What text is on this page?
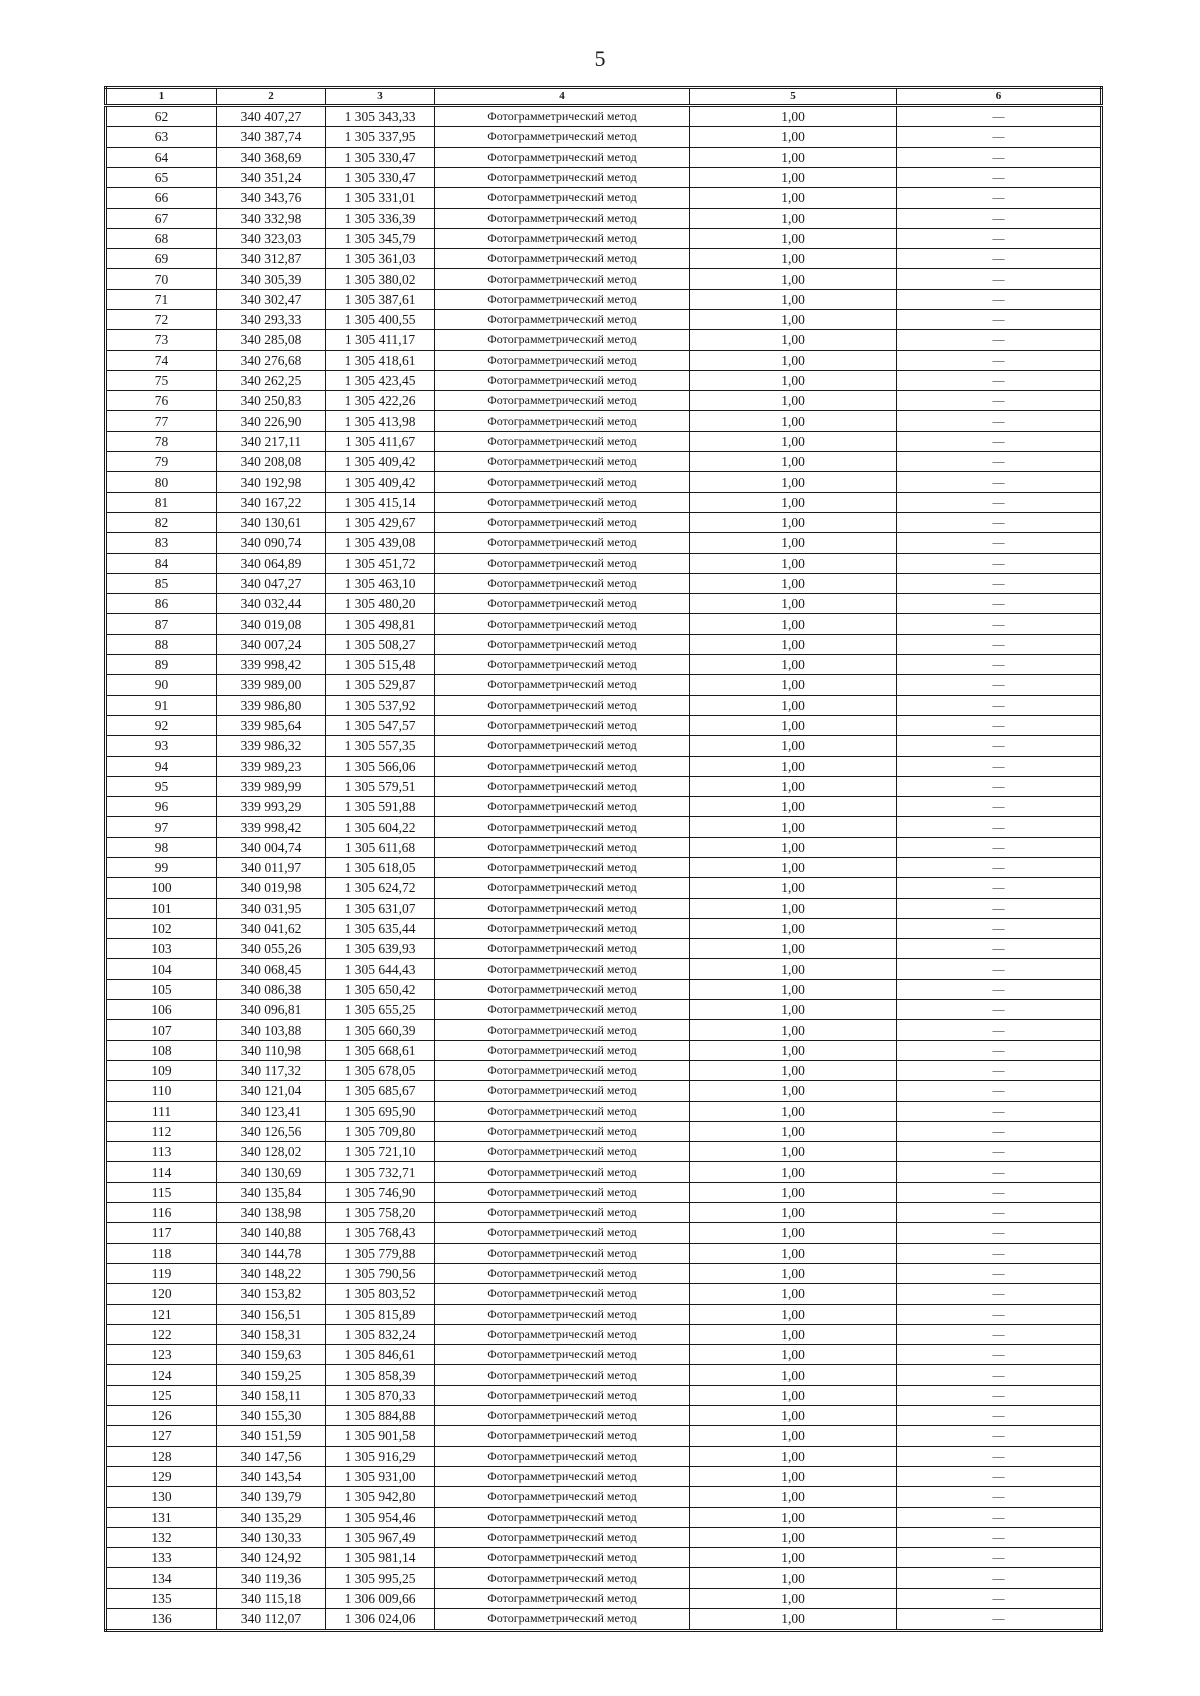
5
1	2	3	4	5	6
62	340 407,27	1 305 343,33	Фотограмметрический метод	1,00	—
63	340 387,74	1 305 337,95	Фотограмметрический метод	1,00	—
64	340 368,69	1 305 330,47	Фотограмметрический метод	1,00	—
65	340 351,24	1 305 330,47	Фотограмметрический метод	1,00	—
66	340 343,76	1 305 331,01	Фотограмметрический метод	1,00	—
67	340 332,98	1 305 336,39	Фотограмметрический метод	1,00	—
68	340 323,03	1 305 345,79	Фотограмметрический метод	1,00	—
69	340 312,87	1 305 361,03	Фотограмметрический метод	1,00	—
70	340 305,39	1 305 380,02	Фотограмметрический метод	1,00	—
71	340 302,47	1 305 387,61	Фотограмметрический метод	1,00	—
72	340 293,33	1 305 400,55	Фотограмметрический метод	1,00	—
73	340 285,08	1 305 411,17	Фотограмметрический метод	1,00	—
74	340 276,68	1 305 418,61	Фотограмметрический метод	1,00	—
75	340 262,25	1 305 423,45	Фотограмметрический метод	1,00	—
76	340 250,83	1 305 422,26	Фотограмметрический метод	1,00	—
77	340 226,90	1 305 413,98	Фотограмметрический метод	1,00	—
78	340 217,11	1 305 411,67	Фотограмметрический метод	1,00	—
79	340 208,08	1 305 409,42	Фотограмметрический метод	1,00	—
80	340 192,98	1 305 409,42	Фотограмметрический метод	1,00	—
81	340 167,22	1 305 415,14	Фотограмметрический метод	1,00	—
82	340 130,61	1 305 429,67	Фотограмметрический метод	1,00	—
83	340 090,74	1 305 439,08	Фотограмметрический метод	1,00	—
84	340 064,89	1 305 451,72	Фотограмметрический метод	1,00	—
85	340 047,27	1 305 463,10	Фотограмметрический метод	1,00	—
86	340 032,44	1 305 480,20	Фотограмметрический метод	1,00	—
87	340 019,08	1 305 498,81	Фотограмметрический метод	1,00	—
88	340 007,24	1 305 508,27	Фотограмметрический метод	1,00	—
89	339 998,42	1 305 515,48	Фотограмметрический метод	1,00	—
90	339 989,00	1 305 529,87	Фотограмметрический метод	1,00	—
91	339 986,80	1 305 537,92	Фотограмметрический метод	1,00	—
92	339 985,64	1 305 547,57	Фотограмметрический метод	1,00	—
93	339 986,32	1 305 557,35	Фотограмметрический метод	1,00	—
94	339 989,23	1 305 566,06	Фотограмметрический метод	1,00	—
95	339 989,99	1 305 579,51	Фотограмметрический метод	1,00	—
96	339 993,29	1 305 591,88	Фотограмметрический метод	1,00	—
97	339 998,42	1 305 604,22	Фотограмметрический метод	1,00	—
98	340 004,74	1 305 611,68	Фотограмметрический метод	1,00	—
99	340 011,97	1 305 618,05	Фотограмметрический метод	1,00	—
100	340 019,98	1 305 624,72	Фотограмметрический метод	1,00	—
101	340 031,95	1 305 631,07	Фотограмметрический метод	1,00	—
102	340 041,62	1 305 635,44	Фотограмметрический метод	1,00	—
103	340 055,26	1 305 639,93	Фотограмметрический метод	1,00	—
104	340 068,45	1 305 644,43	Фотограмметрический метод	1,00	—
105	340 086,38	1 305 650,42	Фотограмметрический метод	1,00	—
106	340 096,81	1 305 655,25	Фотограмметрический метод	1,00	—
107	340 103,88	1 305 660,39	Фотограмметрический метод	1,00	—
108	340 110,98	1 305 668,61	Фотограмметрический метод	1,00	—
109	340 117,32	1 305 678,05	Фотограмметрический метод	1,00	—
110	340 121,04	1 305 685,67	Фотограмметрический метод	1,00	—
111	340 123,41	1 305 695,90	Фотограмметрический метод	1,00	—
112	340 126,56	1 305 709,80	Фотограмметрический метод	1,00	—
113	340 128,02	1 305 721,10	Фотограмметрический метод	1,00	—
114	340 130,69	1 305 732,71	Фотограмметрический метод	1,00	—
115	340 135,84	1 305 746,90	Фотограмметрический метод	1,00	—
116	340 138,98	1 305 758,20	Фотограмметрический метод	1,00	—
117	340 140,88	1 305 768,43	Фотограмметрический метод	1,00	—
118	340 144,78	1 305 779,88	Фотограмметрический метод	1,00	—
119	340 148,22	1 305 790,56	Фотограмметрический метод	1,00	—
120	340 153,82	1 305 803,52	Фотограмметрический метод	1,00	—
121	340 156,51	1 305 815,89	Фотограмметрический метод	1,00	—
122	340 158,31	1 305 832,24	Фотограмметрический метод	1,00	—
123	340 159,63	1 305 846,61	Фотограмметрический метод	1,00	—
124	340 159,25	1 305 858,39	Фотограмметрический метод	1,00	—
125	340 158,11	1 305 870,33	Фотограмметрический метод	1,00	—
126	340 155,30	1 305 884,88	Фотограмметрический метод	1,00	—
127	340 151,59	1 305 901,58	Фотограмметрический метод	1,00	—
128	340 147,56	1 305 916,29	Фотограмметрический метод	1,00	—
129	340 143,54	1 305 931,00	Фотограмметрический метод	1,00	—
130	340 139,79	1 305 942,80	Фотограмметрический метод	1,00	—
131	340 135,29	1 305 954,46	Фотограмметрический метод	1,00	—
132	340 130,33	1 305 967,49	Фотограмметрический метод	1,00	—
133	340 124,92	1 305 981,14	Фотограмметрический метод	1,00	—
134	340 119,36	1 305 995,25	Фотограмметрический метод	1,00	—
135	340 115,18	1 306 009,66	Фотограмметрический метод	1,00	—
136	340 112,07	1 306 024,06	Фотограмметрический метод	1,00	—
